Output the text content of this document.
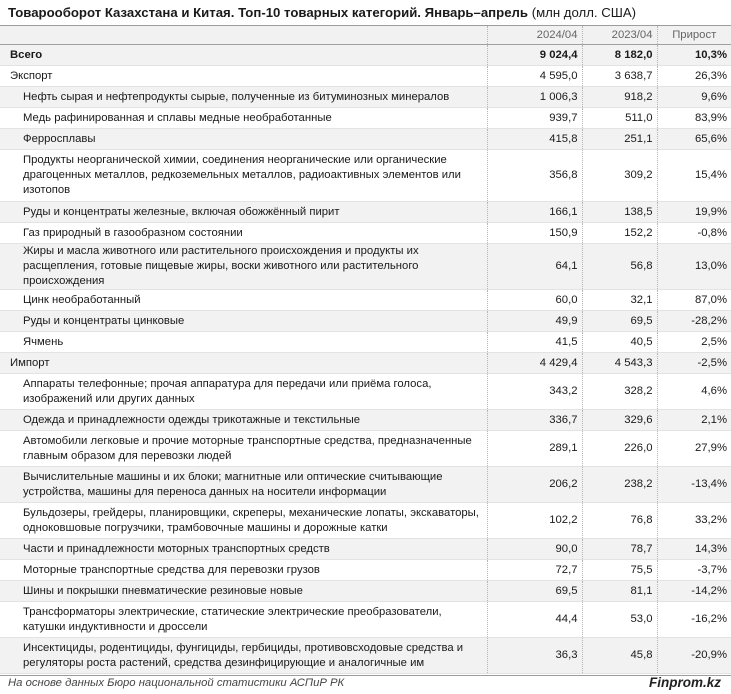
Товарооборот Казахстана и Китая. Топ-10 товарных категорий. Январь–апрель (млн долл. США)
	2024/04	2023/04	Прирост
Всего	9 024,4	8 182,0	10,3%
Экспорт	4 595,0	3 638,7	26,3%
Нефть сырая и нефтепродукты сырые, полученные из битуминозных минералов	1 006,3	918,2	9,6%
Медь рафинированная и сплавы медные необработанные	939,7	511,0	83,9%
Ферросплавы	415,8	251,1	65,6%
Продукты неорганической химии, соединения неорганические или органические драгоценных металлов, редкоземельных металлов, радиоактивных элементов или изотопов	356,8	309,2	15,4%
Руды и концентраты железные, включая обожжённый пирит	166,1	138,5	19,9%
Газ природный в газообразном состоянии	150,9	152,2	-0,8%
Жиры и масла животного или растительного происхождения и продукты их расщепления, готовые пищевые жиры, воски животного или растительного происхождения	64,1	56,8	13,0%
Цинк необработанный	60,0	32,1	87,0%
Руды и концентраты цинковые	49,9	69,5	-28,2%
Ячмень	41,5	40,5	2,5%
Импорт	4 429,4	4 543,3	-2,5%
Аппараты телефонные; прочая аппаратура для передачи или приёма голоса, изображений или других данных	343,2	328,2	4,6%
Одежда и принадлежности одежды трикотажные и текстильные	336,7	329,6	2,1%
Автомобили легковые и прочие моторные транспортные средства, предназначенные главным образом для перевозки людей	289,1	226,0	27,9%
Вычислительные машины и их блоки; магнитные или оптические считывающие устройства, машины для переноса данных на носители информации	206,2	238,2	-13,4%
Бульдозеры, грейдеры, планировщики, скреперы, механические лопаты, экскаваторы, одноковшовые погрузчики, трамбовочные машины и дорожные катки	102,2	76,8	33,2%
Части и принадлежности моторных транспортных средств	90,0	78,7	14,3%
Моторные транспортные средства для перевозки грузов	72,7	75,5	-3,7%
Шины и покрышки пневматические резиновые новые	69,5	81,1	-14,2%
Трансформаторы электрические, статические электрические преобразователи, катушки индуктивности и дроссели	44,4	53,0	-16,2%
Инсектициды, родентициды, фунгициды, гербициды, противовсходовые средства и регуляторы роста растений, средства дезинфицирующие и аналогичные им	36,3	45,8	-20,9%
На основе данных Бюро национальной статистики АСПиР РК	Finprom.kz
